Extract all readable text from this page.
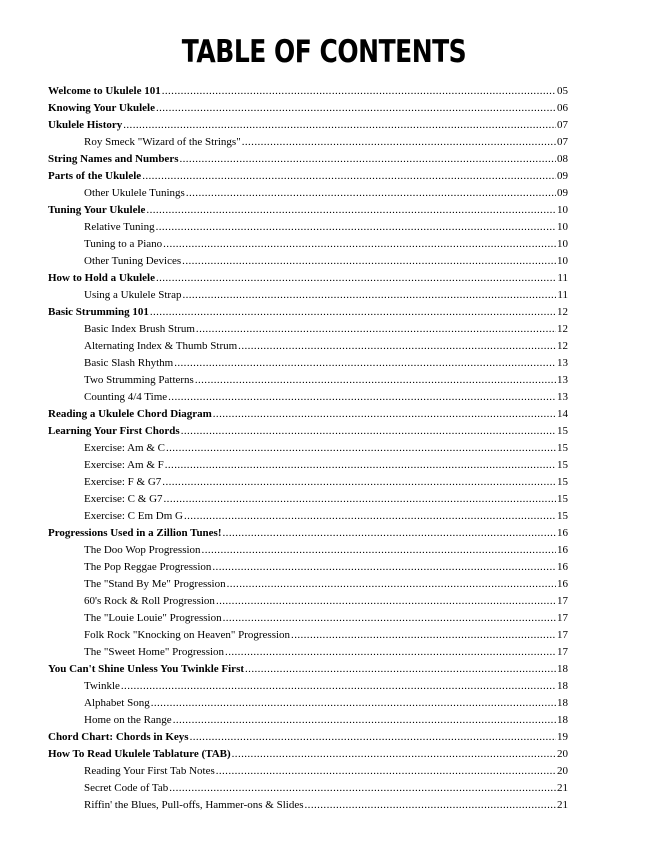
TABLE OF CONTENTS
Welcome to Ukulele 101 .....	05
Knowing Your Ukulele .....	06
Ukulele History .....	07
Roy Smeck "Wizard of the Strings" .....	07
String Names and Numbers .....	08
Parts of the Ukulele .....	09
Other Ukulele Tunings .....	09
Tuning Your Ukulele .....	10
Relative Tuning .....	10
Tuning to a Piano .....	10
Other Tuning Devices .....	10
How to Hold a Ukulele .....	11
Using a Ukulele Strap .....	11
Basic Strumming 101 .....	12
Basic Index Brush Strum .....	12
Alternating Index & Thumb Strum .....	12
Basic Slash Rhythm .....	13
Two Strumming Patterns .....	13
Counting 4/4 Time .....	13
Reading a Ukulele Chord Diagram .....	14
Learning Your First Chords .....	15
Exercise: Am & C .....	15
Exercise: Am & F .....	15
Exercise: F & G7 .....	15
Exercise: C & G7 .....	15
Exercise: C Em Dm G .....	15
Progressions Used in a Zillion Tunes! .....	16
The Doo Wop Progression .....	16
The Pop Reggae Progression .....	16
The "Stand By Me" Progression .....	16
60's Rock & Roll Progression .....	17
The "Louie Louie" Progression .....	17
Folk Rock "Knocking on Heaven" Progression .....	17
The "Sweet Home" Progression .....	17
You Can't Shine Unless You Twinkle First .....	18
Twinkle .....	18
Alphabet Song .....	18
Home on the Range .....	18
Chord Chart: Chords in Keys .....	19
How To Read Ukulele Tablature (TAB) .....	20
Reading Your First Tab Notes .....	20
Secret Code of Tab .....	21
Riffin' the Blues, Pull-offs, Hammer-ons & Slides .....	21
